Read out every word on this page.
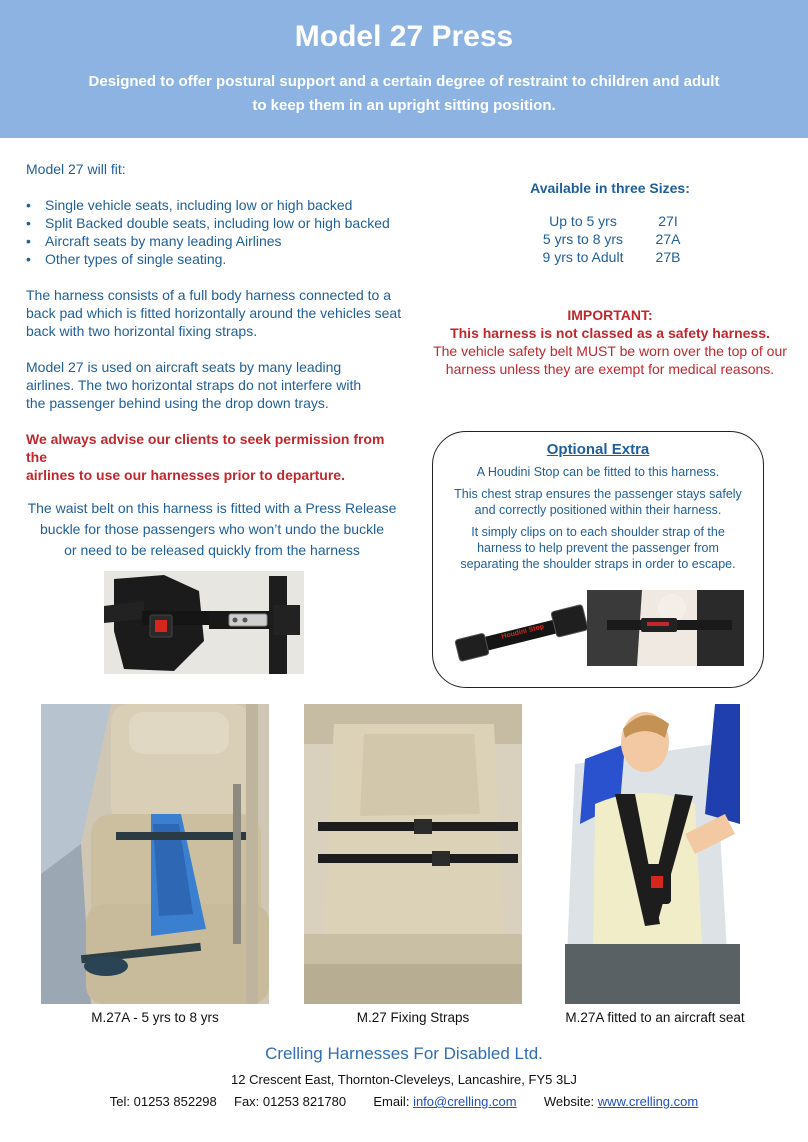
Model 27 Press
Designed to offer postural support and a certain degree of restraint to children and adult
to keep them in an upright sitting position.

Model 27 will fit:

• Single vehicle seats, including low or high backed
• Split Backed double seats, including low or high backed
• Aircraft seats by many leading Airlines
• Other types of single seating.
The harness consists of a full body harness connected to a
back pad which is fitted horizontally around the vehicles seat
back with two horizontal fixing straps.
Model 27 is used on aircraft seats by many leading
airlines. The two horizontal straps do not interfere with
the passenger behind using the drop down trays.
We always advise our clients to seek permission from the
airlines to use our harnesses prior to departure.
The waist belt on this harness is fitted with a Press Release
buckle for those passengers who won’t undo the buckle
or need to be released quickly from the harness
Available in three Sizes:
Up to 5 yrs	27I
5 yrs to 8 yrs	27A
9 yrs to Adult	27B
IMPORTANT:
This harness is not classed as a safety harness.
The vehicle safety belt MUST be worn over the top of our
harness unless they are exempt for medical reasons.
Optional Extra

A Houdini Stop can be fitted to this harness.

This chest strap ensures the passenger stays safely
and correctly positioned within their harness.

It simply clips on to each shoulder strap of the
harness to help prevent the passenger from
separating the shoulder straps in order to escape.

Houdini Stop
M.27A - 5 yrs to 8 yrs	M.27 Fixing Straps	M.27A fitted to an aircraft seat
Crelling Harnesses For Disabled Ltd.
12 Crescent East, Thornton-Cleveleys, Lancashire, FY5 3LJ
Tel: 01253 852298 Fax: 01253 821780 Email: info@crelling.com Website: www.crelling.com
